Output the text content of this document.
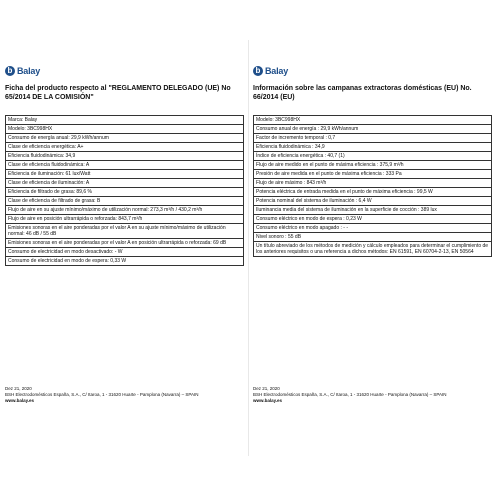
b Balay
Ficha del producto respecto al "REGLAMENTO DELEGADO (UE) No 65/2014 DE LA COMISIÓN"
Marca: Balay
Modelo: 3BC998HX
Consumo de energía anual: 29,9 kWh/annum
Clase de eficiencia energética: A+
Eficiencia fluidodinámica: 34,9
Clase de eficiencia fluidodinámica: A
Eficiencia de iluminación: 61 lux/Watt
Clase de eficiencia de iluminación: A
Eficiencia de filtrado de grasa: 89,6 %
Clase de eficiencia de filtrado de grasa: B
Flujo de aire en su ajuste mínimo/máximo de utilización normal: 273,3 m³/h / 430,2 m³/h
Flujo de aire en posición ultrarrápida o reforzada: 843,7 m³/h
Emisiones sonoras en el aire ponderadas por el valor A en su ajuste mínimo/máximo de utilización normal: 46 dB / 55 dB
Emisiones sonoras en el aire ponderadas por el valor A en posición ultrarrápida o reforzada: 69 dB
Consumo de electricidad en modo desactivado: - W
Consumo de electricidad en modo de espera: 0,33 W
Dez 21, 2020
BSH Electrodomésticos España, S.A., C/ Itaroa, 1 - 31620 Huarte - Pamplona (Navarra) – SPAIN
www.balay.es
b Balay
Información sobre las campanas extractoras domésticas (EU) No. 66/2014 (EU)
Modelo: 3BC998HX
Consumo anual de energía : 29,9 kWh/annum
Factor de incremento temporal : 0,7
Eficiencia fluidodinámica : 34,9
Índice de eficiencia energética : 40,7 (1)
Flujo de aire medido en el punto de máxima eficiencia : 375,9 m³/h
Presión de aire medida en el punto de máxima eficiencia : 333 Pa
Flujo de aire máximo : 843 m³/h
Potencia eléctrica de entrada medida en el punto de máxima eficiencia : 99,5 W
Potencia nominal del sistema de iluminación : 6,4 W
Iluminancia media del sistema de iluminación en la superficie de cocción : 389 lux
Consumo eléctrico en modo de espera : 0,23 W
Consumo eléctrico en modo apagado : - -
Nivel sonoro : 55 dB
Un título abreviado de los métodos de medición y cálculo empleados para determinar el cumplimiento de los anteriores requisitos o una referencia a dichos métodos: EN 61591, EN 60704-2-13, EN 50564
Dez 21, 2020
BSH Electrodomésticos España, S.A., C/ Itaroa, 1 - 31620 Huarte - Pamplona (Navarra) – SPAIN
www.balay.es
